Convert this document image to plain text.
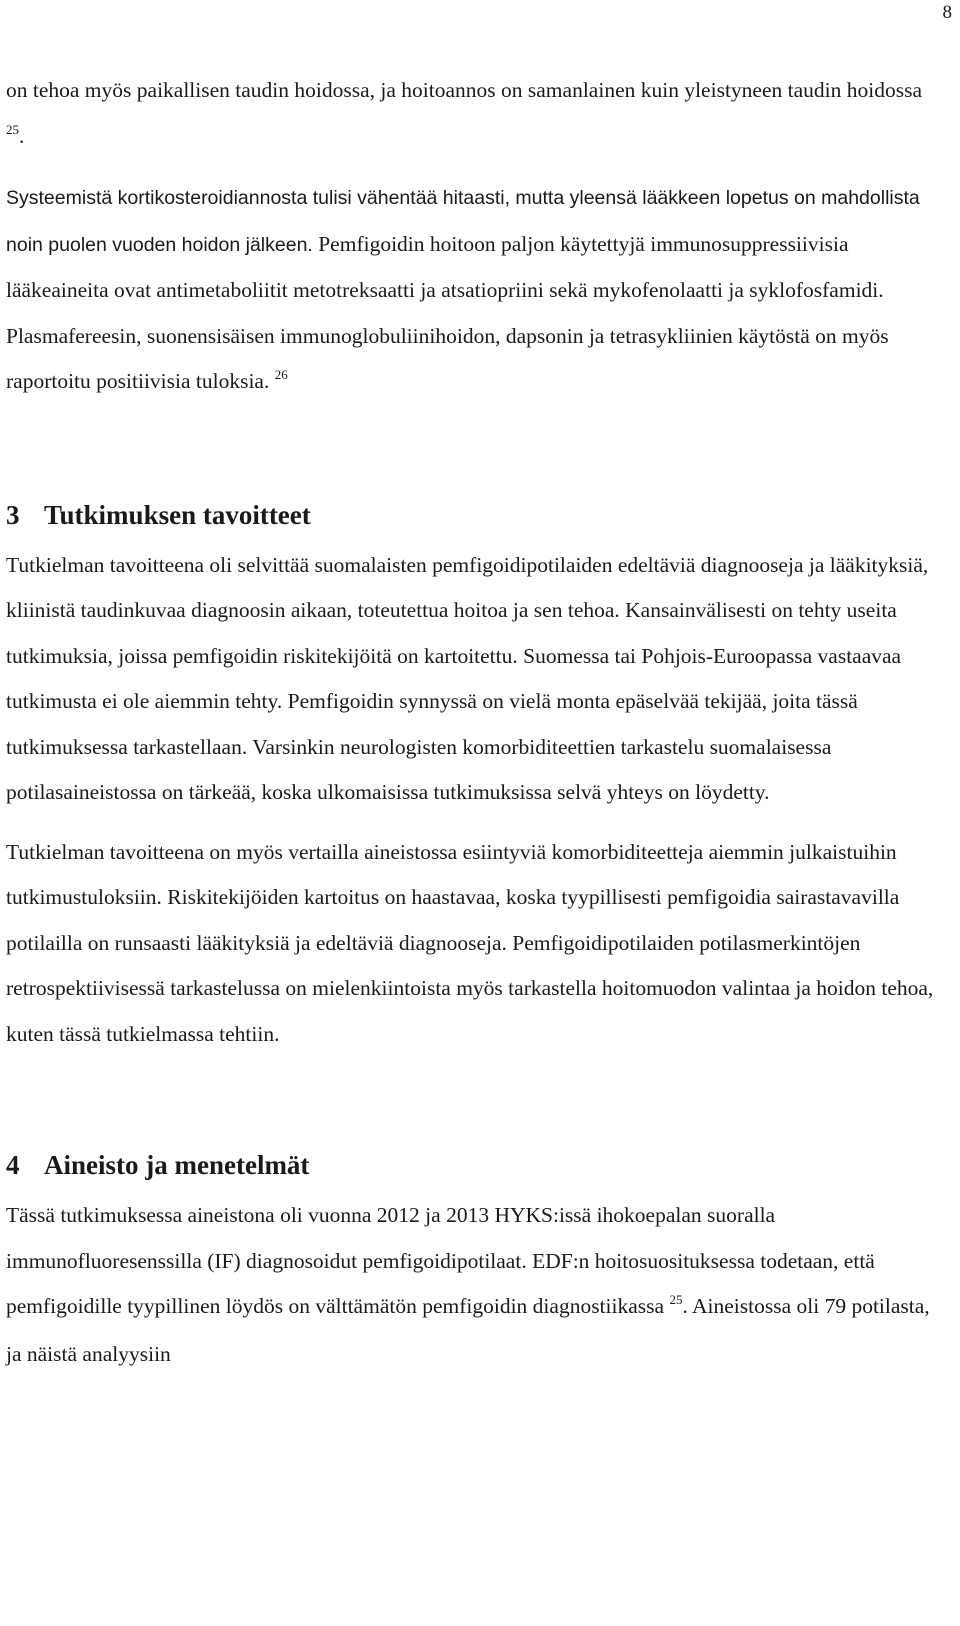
8

on tehoa myös paikallisen taudin hoidossa, ja hoitoannos on samanlainen kuin yleistyneen taudin hoidossa $^{25}$.

Systeemistä kortikosteroidiannosta tulisi vähentää hitaasti, mutta yleensä lääkkeen lopetus on mahdollista noin puolen vuoden hoidon jälkeen. Pemfigoidin hoitoon paljon käytettyjä immunosuppressiivisia lääkeaineita ovat antimetaboliitit metotreksaatti ja atsatiopriini sekä mykofenolaatti ja syklofosfamidi. Plasmafereesin, suonensisäisen immunoglobuliinihoidon, dapsonin ja tetrasykliinien käytöstä on myös raportoitu positiivisia tuloksia. $^{26}$

3 Tutkimuksen tavoitteet

Tutkielman tavoitteena oli selvittää suomalaisten pemfigoidipotilaiden edeltäviä diagnooseja ja lääkityksiä, kliinistä taudinkuvaa diagnoosin aikaan, toteutettua hoitoa ja sen tehoa. Kansainvälisesti on tehty useita tutkimuksia, joissa pemfigoidin riskitekijöitä on kartoitettu. Suomessa tai Pohjois-Euroopassa vastaavaa tutkimusta ei ole aiemmin tehty. Pemfigoidin synnyssä on vielä monta epäselvää tekijää, joita tässä tutkimuksessa tarkastellaan. Varsinkin neurologisten komorbiditeettien tarkastelu suomalaisessa potilasaineistossa on tärkeää, koska ulkomaisissa tutkimuksissa selvä yhteys on löydetty.

Tutkielman tavoitteena on myös vertailla aineistossa esiintyviä komorbiditeetteja aiemmin julkaistuihin tutkimustuloksiin. Riskitekijöiden kartoitus on haastavaa, koska tyypillisesti pemfigoidia sairastavavilla potilailla on runsaasti lääkityksiä ja edeltäviä diagnooseja. Pemfigoidipotilaiden potilasmerkintöjen retrospektiivisessä tarkastelussa on mielenkiintoista myös tarkastella hoitomuodon valintaa ja hoidon tehoa, kuten tässä tutkielmassa tehtiin.

4 Aineisto ja menetelmät

Tässä tutkimuksessa aineistona oli vuonna 2012 ja 2013 HYKS:issä ihokoepalan suoralla immunofluoresenssilla (IF) diagnosoidut pemfigoidipotilaat. EDF:n hoitosuosituksessa todetaan, että pemfigoidille tyypillinen löydös on välttämätön pemfigoidin diagnostiikassa $^{25}$. Aineistossa oli 79 potilasta, ja näistä analyysiin
